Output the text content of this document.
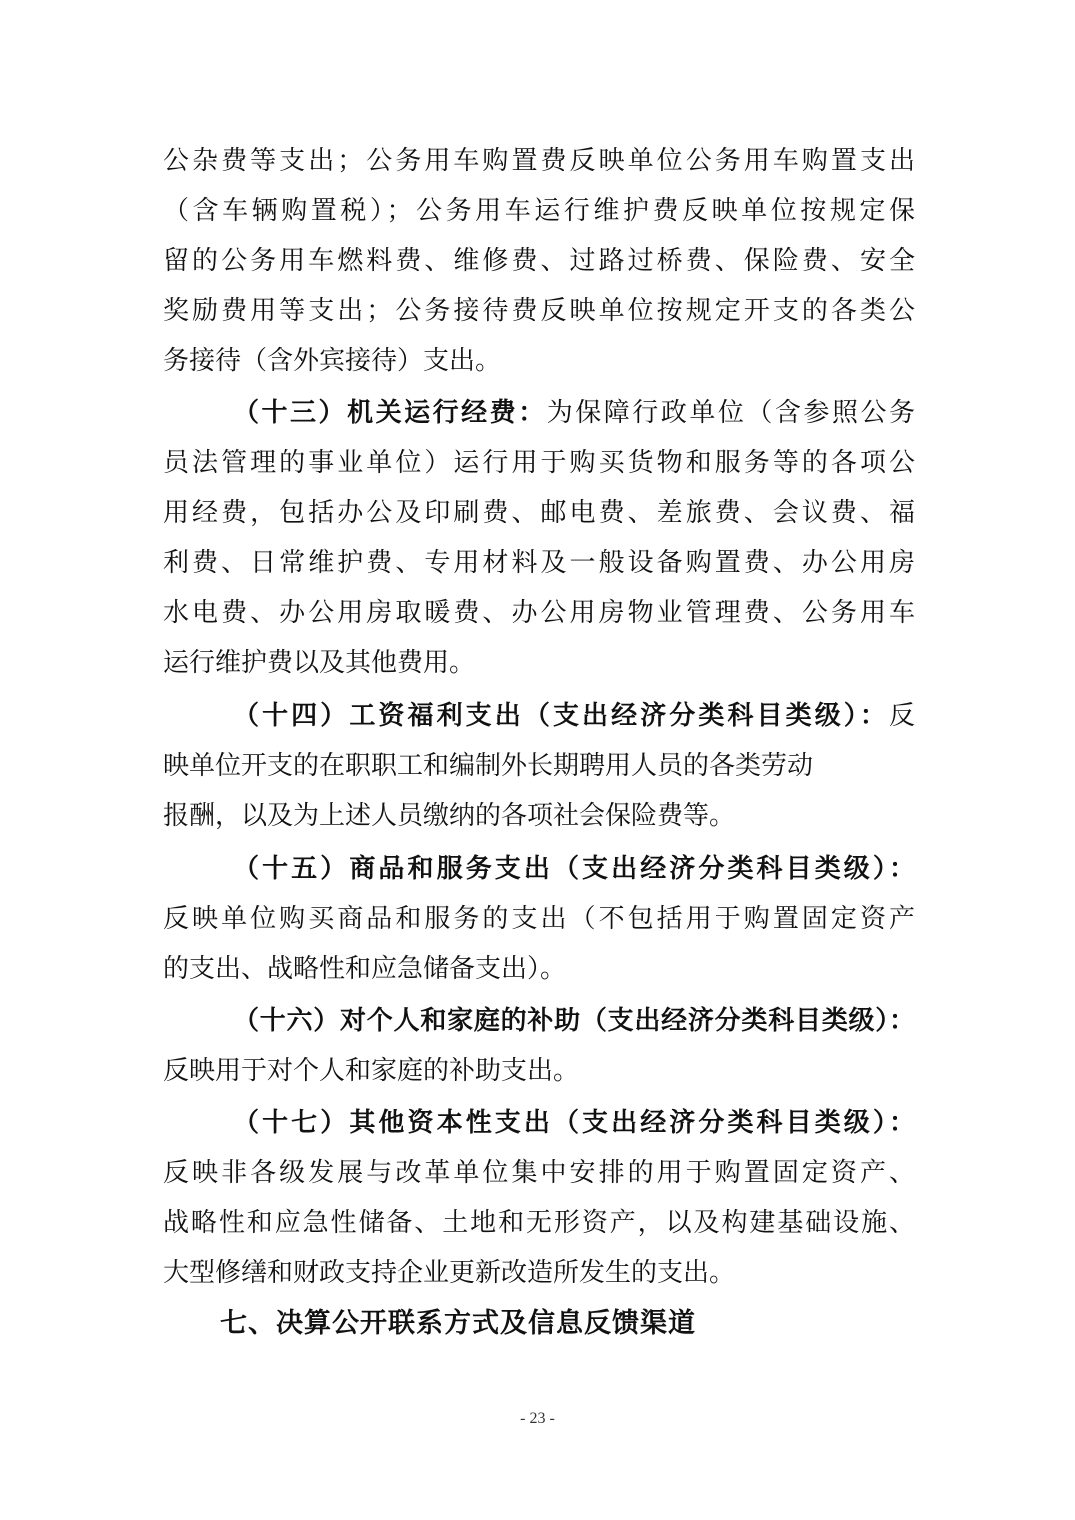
公杂费等支出；公务用车购置费反映单位公务用车购置支出
（含车辆购置税）；公务用车运行维护费反映单位按规定保
留的公务用车燃料费、维修费、过路过桥费、保险费、安全
奖励费用等支出；公务接待费反映单位按规定开支的各类公
务接待（含外宾接待）支出。
（十三）机关运行经费：为保障行政单位（含参照公务
员法管理的事业单位）运行用于购买货物和服务等的各项公
用经费，包括办公及印刷费、邮电费、差旅费、会议费、福
利费、日常维护费、专用材料及一般设备购置费、办公用房
水电费、办公用房取暖费、办公用房物业管理费、公务用车
运行维护费以及其他费用。
（十四）工资福利支出（支出经济分类科目类级）：反
映单位开支的在职职工和编制外长期聘用人员的各类劳动
报酬，以及为上述人员缴纳的各项社会保险费等。
（十五）商品和服务支出（支出经济分类科目类级）：
反映单位购买商品和服务的支出（不包括用于购置固定资产
的支出、战略性和应急储备支出）。
（十六）对个人和家庭的补助（支出经济分类科目类级）：
反映用于对个人和家庭的补助支出。
（十七）其他资本性支出（支出经济分类科目类级）：
反映非各级发展与改革单位集中安排的用于购置固定资产、
战略性和应急性储备、土地和无形资产，以及构建基础设施、
大型修缮和财政支持企业更新改造所发生的支出。
七、决算公开联系方式及信息反馈渠道
- 23 -
